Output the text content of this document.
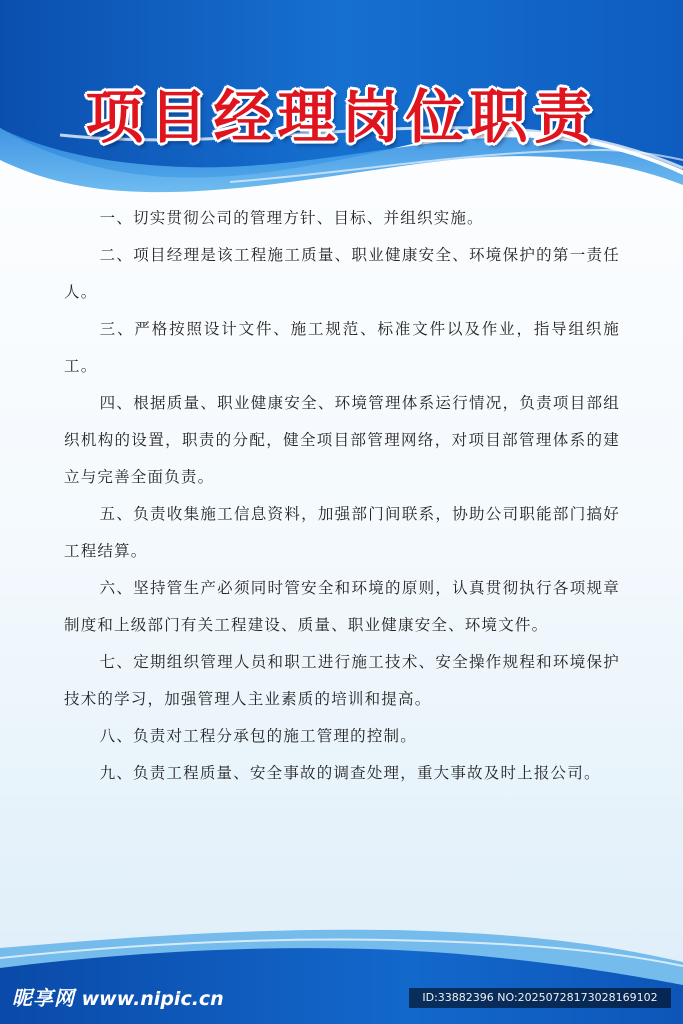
项目经理岗位职责

一、切实贯彻公司的管理方针、目标、并组织实施。

二、项目经理是该工程施工质量、职业健康安全、环境保护的第一责任人。

三、严格按照设计文件、施工规范、标准文件以及作业，指导组织施工。

四、根据质量、职业健康安全、环境管理体系运行情况，负责项目部组织机构的设置，职责的分配，健全项目部管理网络，对项目部管理体系的建立与完善全面负责。

五、负责收集施工信息资料，加强部门间联系，协助公司职能部门搞好工程结算。

六、坚持管生产必须同时管安全和环境的原则，认真贯彻执行各项规章制度和上级部门有关工程建设、质量、职业健康安全、环境文件。

七、定期组织管理人员和职工进行施工技术、安全操作规程和环境保护技术的学习，加强管理人主业素质的培训和提高。

八、负责对工程分承包的施工管理的控制。

九、负责工程质量、安全事故的调查处理，重大事故及时上报公司。

昵享网 www.nipic.cn	ID:33882396 NO:20250728173028169102
